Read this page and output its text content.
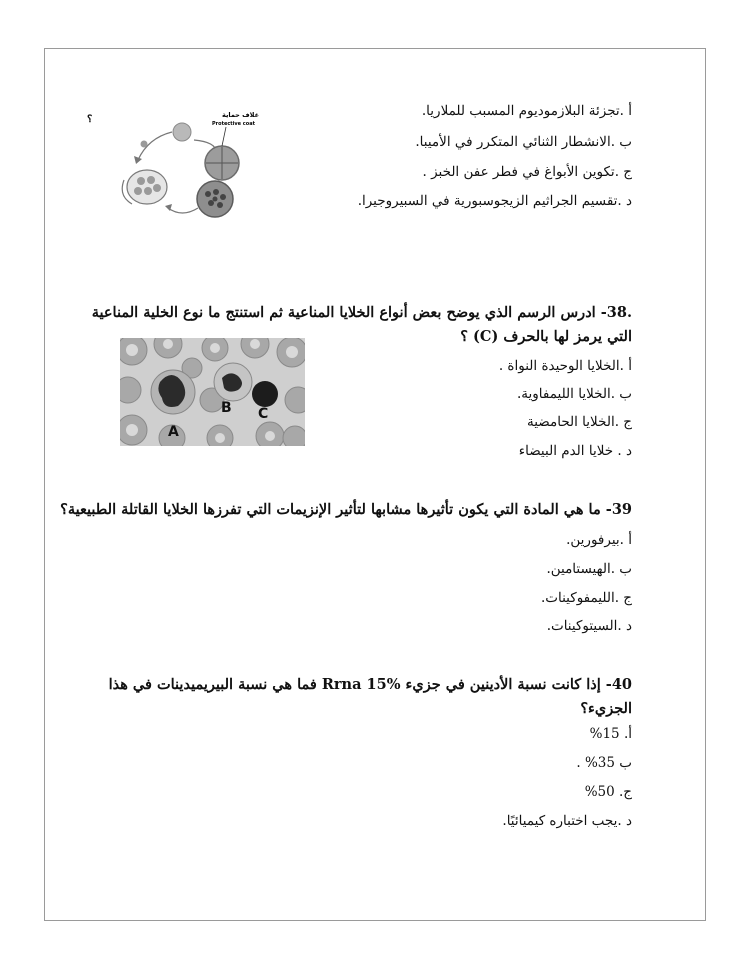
؟	غلاف حماية
Protective coat
أ .تجزئة البلازموديوم المسبب للملاريا.
ب .الانشطار الثنائي المتكرر في الأميبا.
ج .تكوين الأبواغ في فطر عفن الخبز .
د .تقسيم الجراثيم الزيجوسبورية في السبيروجيرا.
.38- ادرس الرسم الذي يوضح بعض أنواع الخلايا المناعية ثم استنتج ما نوع الخلية المناعية
التي يرمز لها بالحرف (C) ؟
A
B C
أ .الخلايا الوحيدة النواة .
ب .الخلايا الليمفاوية.
ج .الخلايا الحامضية
د . خلايا الدم البيضاء
39- ما هي المادة التي يكون تأثيرها مشابها لتأثير الإنزيمات التي تفرزها الخلايا القاتلة الطبيعية؟
أ .بيرفورين.
ب .الهيستامين.
ج .الليمفوكينات.
د .السيتوكينات.
40- إذا كانت نسبة الأدينين في جزيء Rrna 15% فما هي نسبة البيريميدينات في هذا
الجزيء؟
أ. 15%
ب 35% .
ج. 50%
د .يجب اختباره كيميائيًا.
